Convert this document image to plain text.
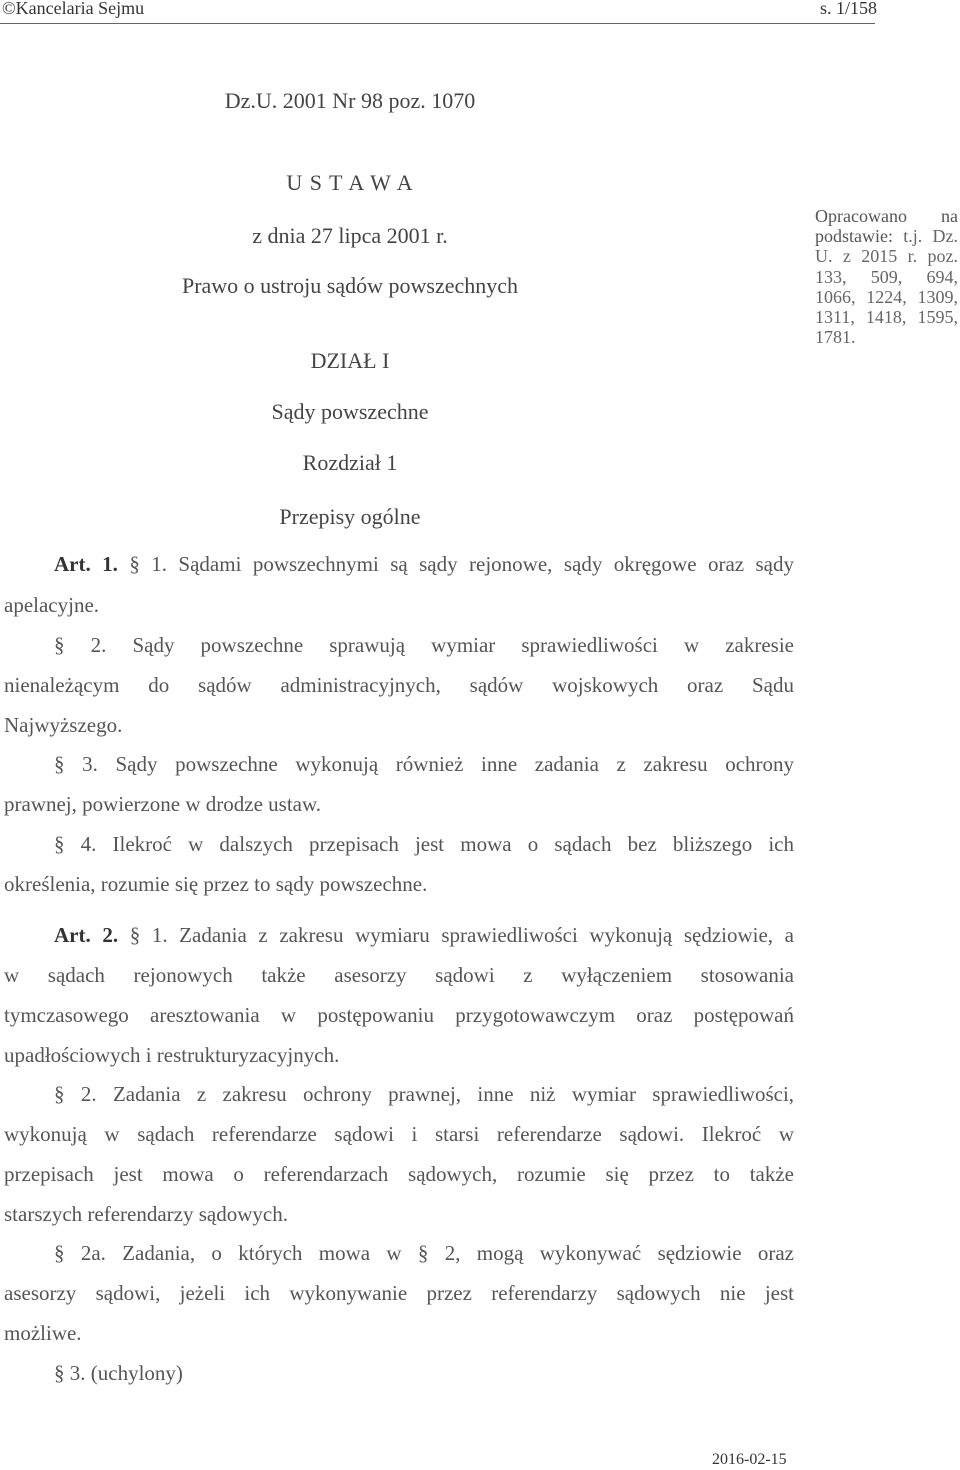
©Kancelaria Sejmu	s. 1/158
Dz.U. 2001 Nr 98 poz. 1070
U S T A W A
z dnia 27 lipca 2001 r.
Prawo o ustroju sądów powszechnych
DZIAŁ I
Sądy powszechne
Rozdział 1
Przepisy ogólne
Opracowano na podstawie: t.j. Dz. U. z 2015 r. poz. 133, 509, 694, 1066, 1224, 1309, 1311, 1418, 1595, 1781.
Art. 1. § 1. Sądami powszechnymi są sądy rejonowe, sądy okręgowe oraz sądy
apelacyjne.
§ 2. Sądy powszechne sprawują wymiar sprawiedliwości w zakresie
nienależącym do sądów administracyjnych, sądów wojskowych oraz Sądu
Najwyższego.
§ 3. Sądy powszechne wykonują również inne zadania z zakresu ochrony
prawnej, powierzone w drodze ustaw.
§ 4. Ilekroć w dalszych przepisach jest mowa o sądach bez bliższego ich
określenia, rozumie się przez to sądy powszechne.
Art. 2. § 1. Zadania z zakresu wymiaru sprawiedliwości wykonują sędziowie, a
w sądach rejonowych także asesorzy sądowi z wyłączeniem stosowania
tymczasowego aresztowania w postępowaniu przygotowawczym oraz postępowań
upadłościowych i restrukturyzacyjnych.
§ 2. Zadania z zakresu ochrony prawnej, inne niż wymiar sprawiedliwości,
wykonują w sądach referendarze sądowi i starsi referendarze sądowi. Ilekroć w
przepisach jest mowa o referendarzach sądowych, rozumie się przez to także
starszych referendarzy sądowych.
§ 2a. Zadania, o których mowa w § 2, mogą wykonywać sędziowie oraz
asesorzy sądowi, jeżeli ich wykonywanie przez referendarzy sądowych nie jest
możliwe.
§ 3. (uchylony)
2016-02-15
